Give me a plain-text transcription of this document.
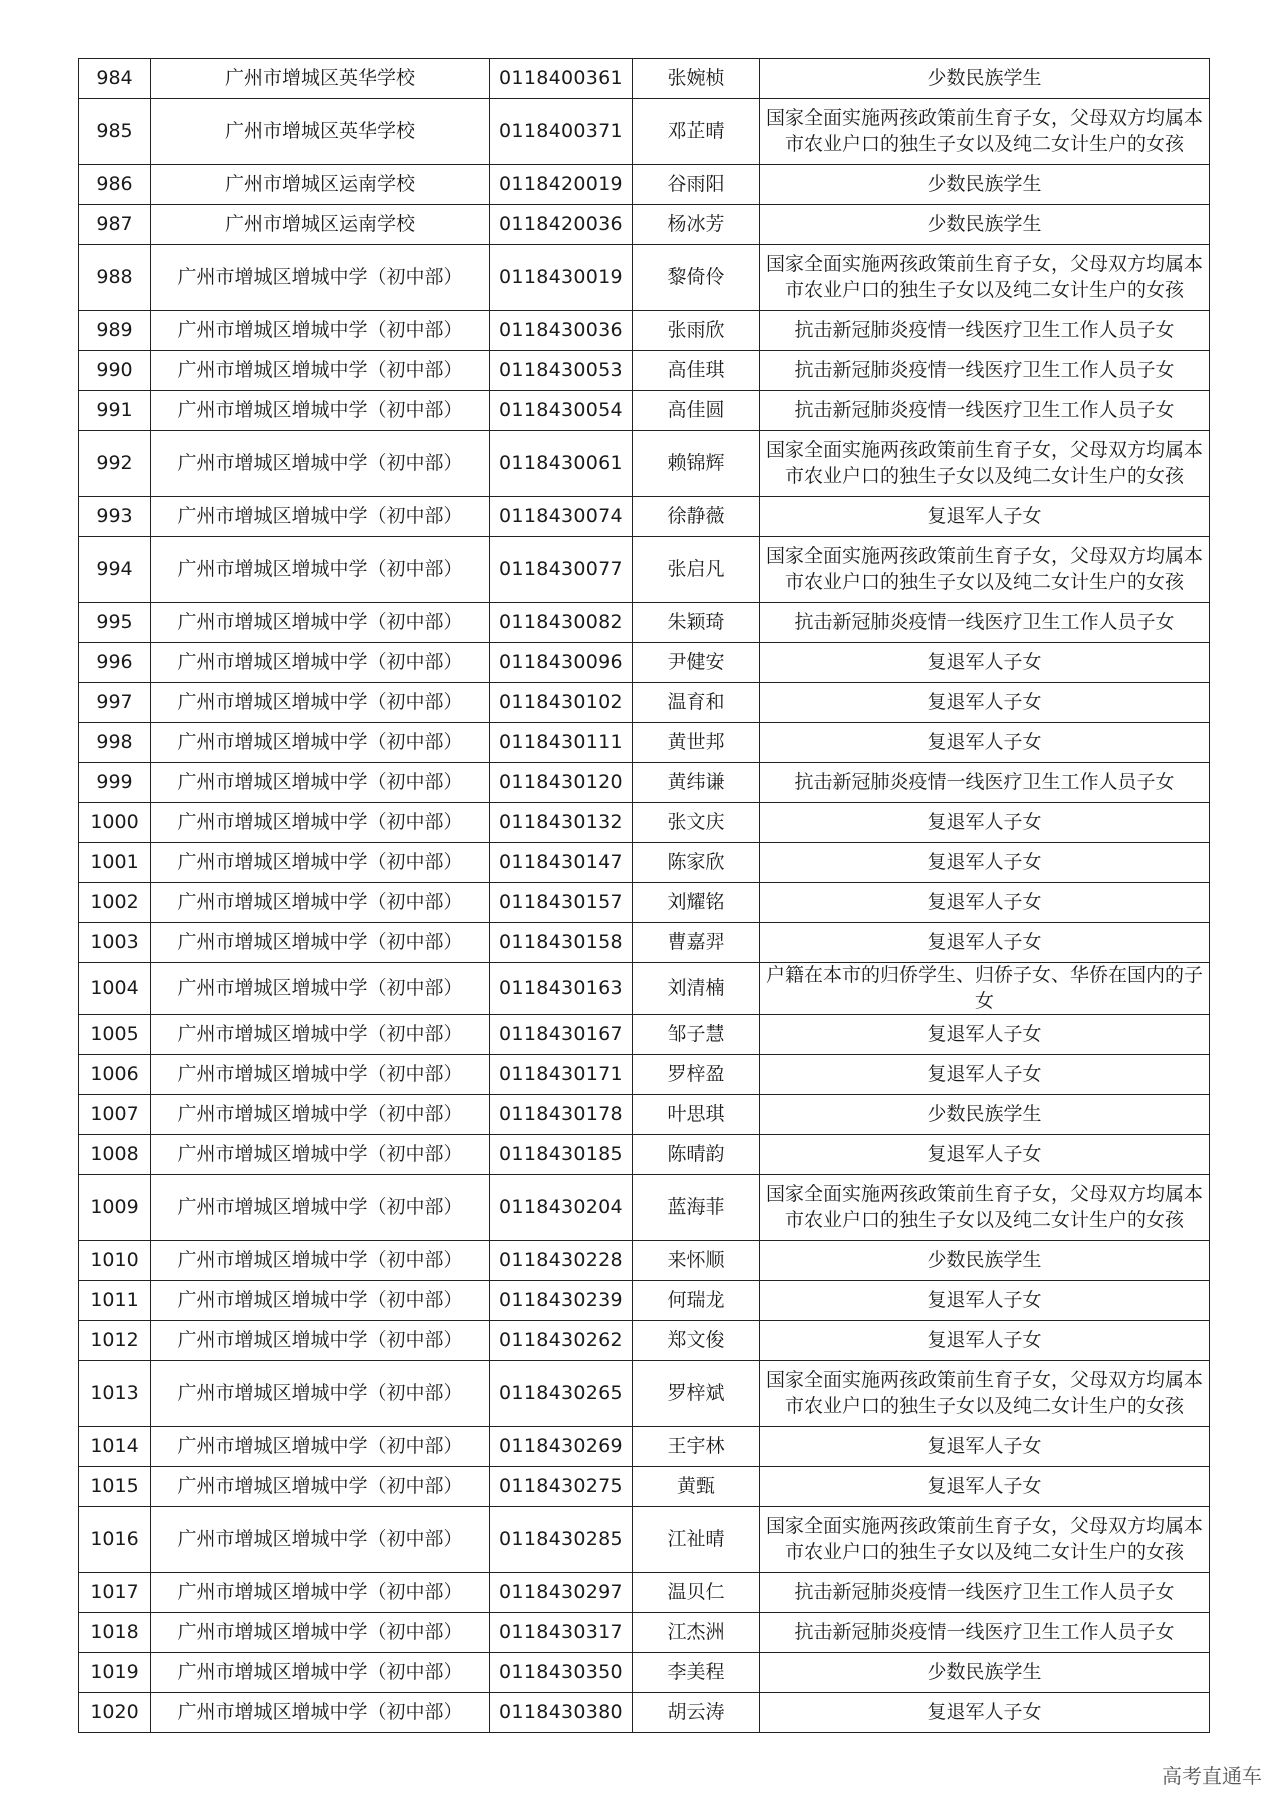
984	广州市增城区英华学校	0118400361	张婉桢	少数民族学生
985	广州市增城区英华学校	0118400371	邓芷晴	国家全面实施两孩政策前生育子女，父母双方均属本市农业户口的独生子女以及纯二女计生户的女孩
986	广州市增城区运南学校	0118420019	谷雨阳	少数民族学生
987	广州市增城区运南学校	0118420036	杨冰芳	少数民族学生
988	广州市增城区增城中学（初中部）	0118430019	黎倚伶	国家全面实施两孩政策前生育子女，父母双方均属本市农业户口的独生子女以及纯二女计生户的女孩
989	广州市增城区增城中学（初中部）	0118430036	张雨欣	抗击新冠肺炎疫情一线医疗卫生工作人员子女
990	广州市增城区增城中学（初中部）	0118430053	高佳琪	抗击新冠肺炎疫情一线医疗卫生工作人员子女
991	广州市增城区增城中学（初中部）	0118430054	高佳圆	抗击新冠肺炎疫情一线医疗卫生工作人员子女
992	广州市增城区增城中学（初中部）	0118430061	赖锦辉	国家全面实施两孩政策前生育子女，父母双方均属本市农业户口的独生子女以及纯二女计生户的女孩
993	广州市增城区增城中学（初中部）	0118430074	徐静薇	复退军人子女
994	广州市增城区增城中学（初中部）	0118430077	张启凡	国家全面实施两孩政策前生育子女，父母双方均属本市农业户口的独生子女以及纯二女计生户的女孩
995	广州市增城区增城中学（初中部）	0118430082	朱颖琦	抗击新冠肺炎疫情一线医疗卫生工作人员子女
996	广州市增城区增城中学（初中部）	0118430096	尹健安	复退军人子女
997	广州市增城区增城中学（初中部）	0118430102	温育和	复退军人子女
998	广州市增城区增城中学（初中部）	0118430111	黄世邦	复退军人子女
999	广州市增城区增城中学（初中部）	0118430120	黄纬谦	抗击新冠肺炎疫情一线医疗卫生工作人员子女
1000	广州市增城区增城中学（初中部）	0118430132	张文庆	复退军人子女
1001	广州市增城区增城中学（初中部）	0118430147	陈家欣	复退军人子女
1002	广州市增城区增城中学（初中部）	0118430157	刘耀铭	复退军人子女
1003	广州市增城区增城中学（初中部）	0118430158	曹嘉羿	复退军人子女
1004	广州市增城区增城中学（初中部）	0118430163	刘清楠	户籍在本市的归侨学生、归侨子女、华侨在国内的子女
1005	广州市增城区增城中学（初中部）	0118430167	邹子慧	复退军人子女
1006	广州市增城区增城中学（初中部）	0118430171	罗梓盈	复退军人子女
1007	广州市增城区增城中学（初中部）	0118430178	叶思琪	少数民族学生
1008	广州市增城区增城中学（初中部）	0118430185	陈晴韵	复退军人子女
1009	广州市增城区增城中学（初中部）	0118430204	蓝海菲	国家全面实施两孩政策前生育子女，父母双方均属本市农业户口的独生子女以及纯二女计生户的女孩
1010	广州市增城区增城中学（初中部）	0118430228	来怀顺	少数民族学生
1011	广州市增城区增城中学（初中部）	0118430239	何瑞龙	复退军人子女
1012	广州市增城区增城中学（初中部）	0118430262	郑文俊	复退军人子女
1013	广州市增城区增城中学（初中部）	0118430265	罗梓斌	国家全面实施两孩政策前生育子女，父母双方均属本市农业户口的独生子女以及纯二女计生户的女孩
1014	广州市增城区增城中学（初中部）	0118430269	王宇林	复退军人子女
1015	广州市增城区增城中学（初中部）	0118430275	黄甄	复退军人子女
1016	广州市增城区增城中学（初中部）	0118430285	江祉晴	国家全面实施两孩政策前生育子女，父母双方均属本市农业户口的独生子女以及纯二女计生户的女孩
1017	广州市增城区增城中学（初中部）	0118430297	温贝仁	抗击新冠肺炎疫情一线医疗卫生工作人员子女
1018	广州市增城区增城中学（初中部）	0118430317	江杰洲	抗击新冠肺炎疫情一线医疗卫生工作人员子女
1019	广州市增城区增城中学（初中部）	0118430350	李美程	少数民族学生
1020	广州市增城区增城中学（初中部）	0118430380	胡云涛	复退军人子女
高考直通车
